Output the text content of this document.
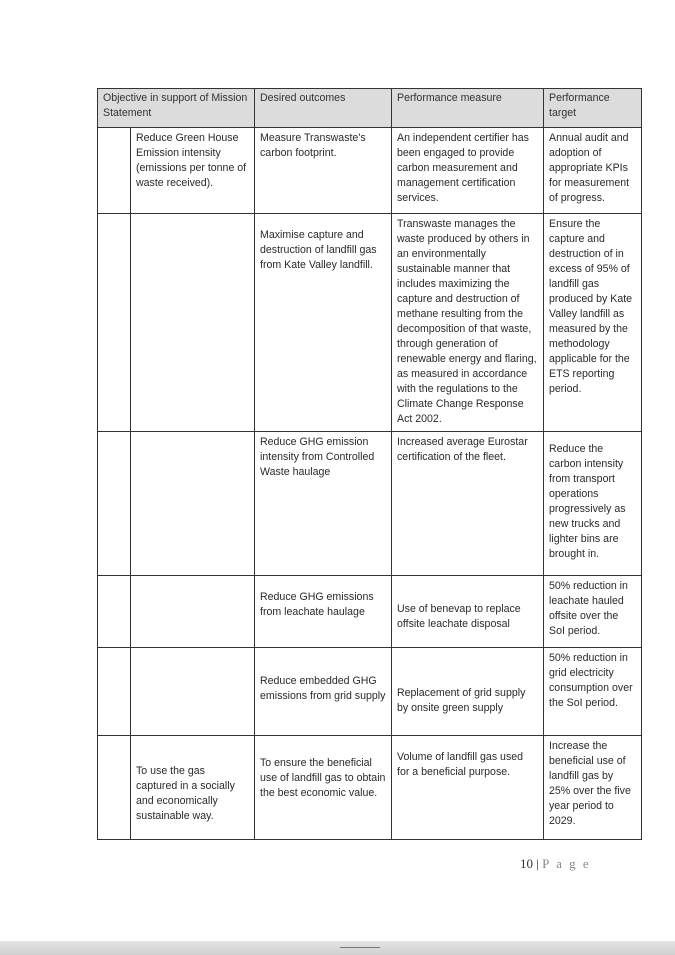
Objective in support of Mission Statement		Desired outcomes	Performance measure	Performance target
	Reduce Green House Emission intensity (emissions per tonne of waste received).	Measure Transwaste's carbon footprint.	An independent certifier has been engaged to provide carbon measurement and management certification services.	Annual audit and adoption of appropriate KPIs for measurement of progress.
		Maximise capture and destruction of landfill gas from Kate Valley landfill.	Transwaste manages the waste produced by others in an environmentally sustainable manner that includes maximizing the capture and destruction of methane resulting from the decomposition of that waste, through generation of renewable energy and flaring, as measured in accordance with the regulations to the Climate Change Response Act 2002.	Ensure the capture and destruction of in excess of 95% of landfill gas produced by Kate Valley landfill as measured by the methodology applicable for the ETS reporting period.
		Reduce GHG emission intensity from Controlled Waste haulage	Increased average Eurostar certification of the fleet.	Reduce the carbon intensity from transport operations progressively as new trucks and lighter bins are brought in.
		Reduce GHG emissions from leachate haulage	Use of benevap to replace offsite leachate disposal	50% reduction in leachate hauled offsite over the SoI period.
		Reduce embedded GHG emissions from grid supply	Replacement of grid supply by onsite green supply	50% reduction in grid electricity consumption over the SoI period.
	To use the gas captured in a socially and economically sustainable way.	To ensure the beneficial use of landfill gas to obtain the best economic value.	Volume of landfill gas used for a beneficial purpose.	Increase the beneficial use of landfill gas by 25% over the five year period to 2029.
10 | P a g e
